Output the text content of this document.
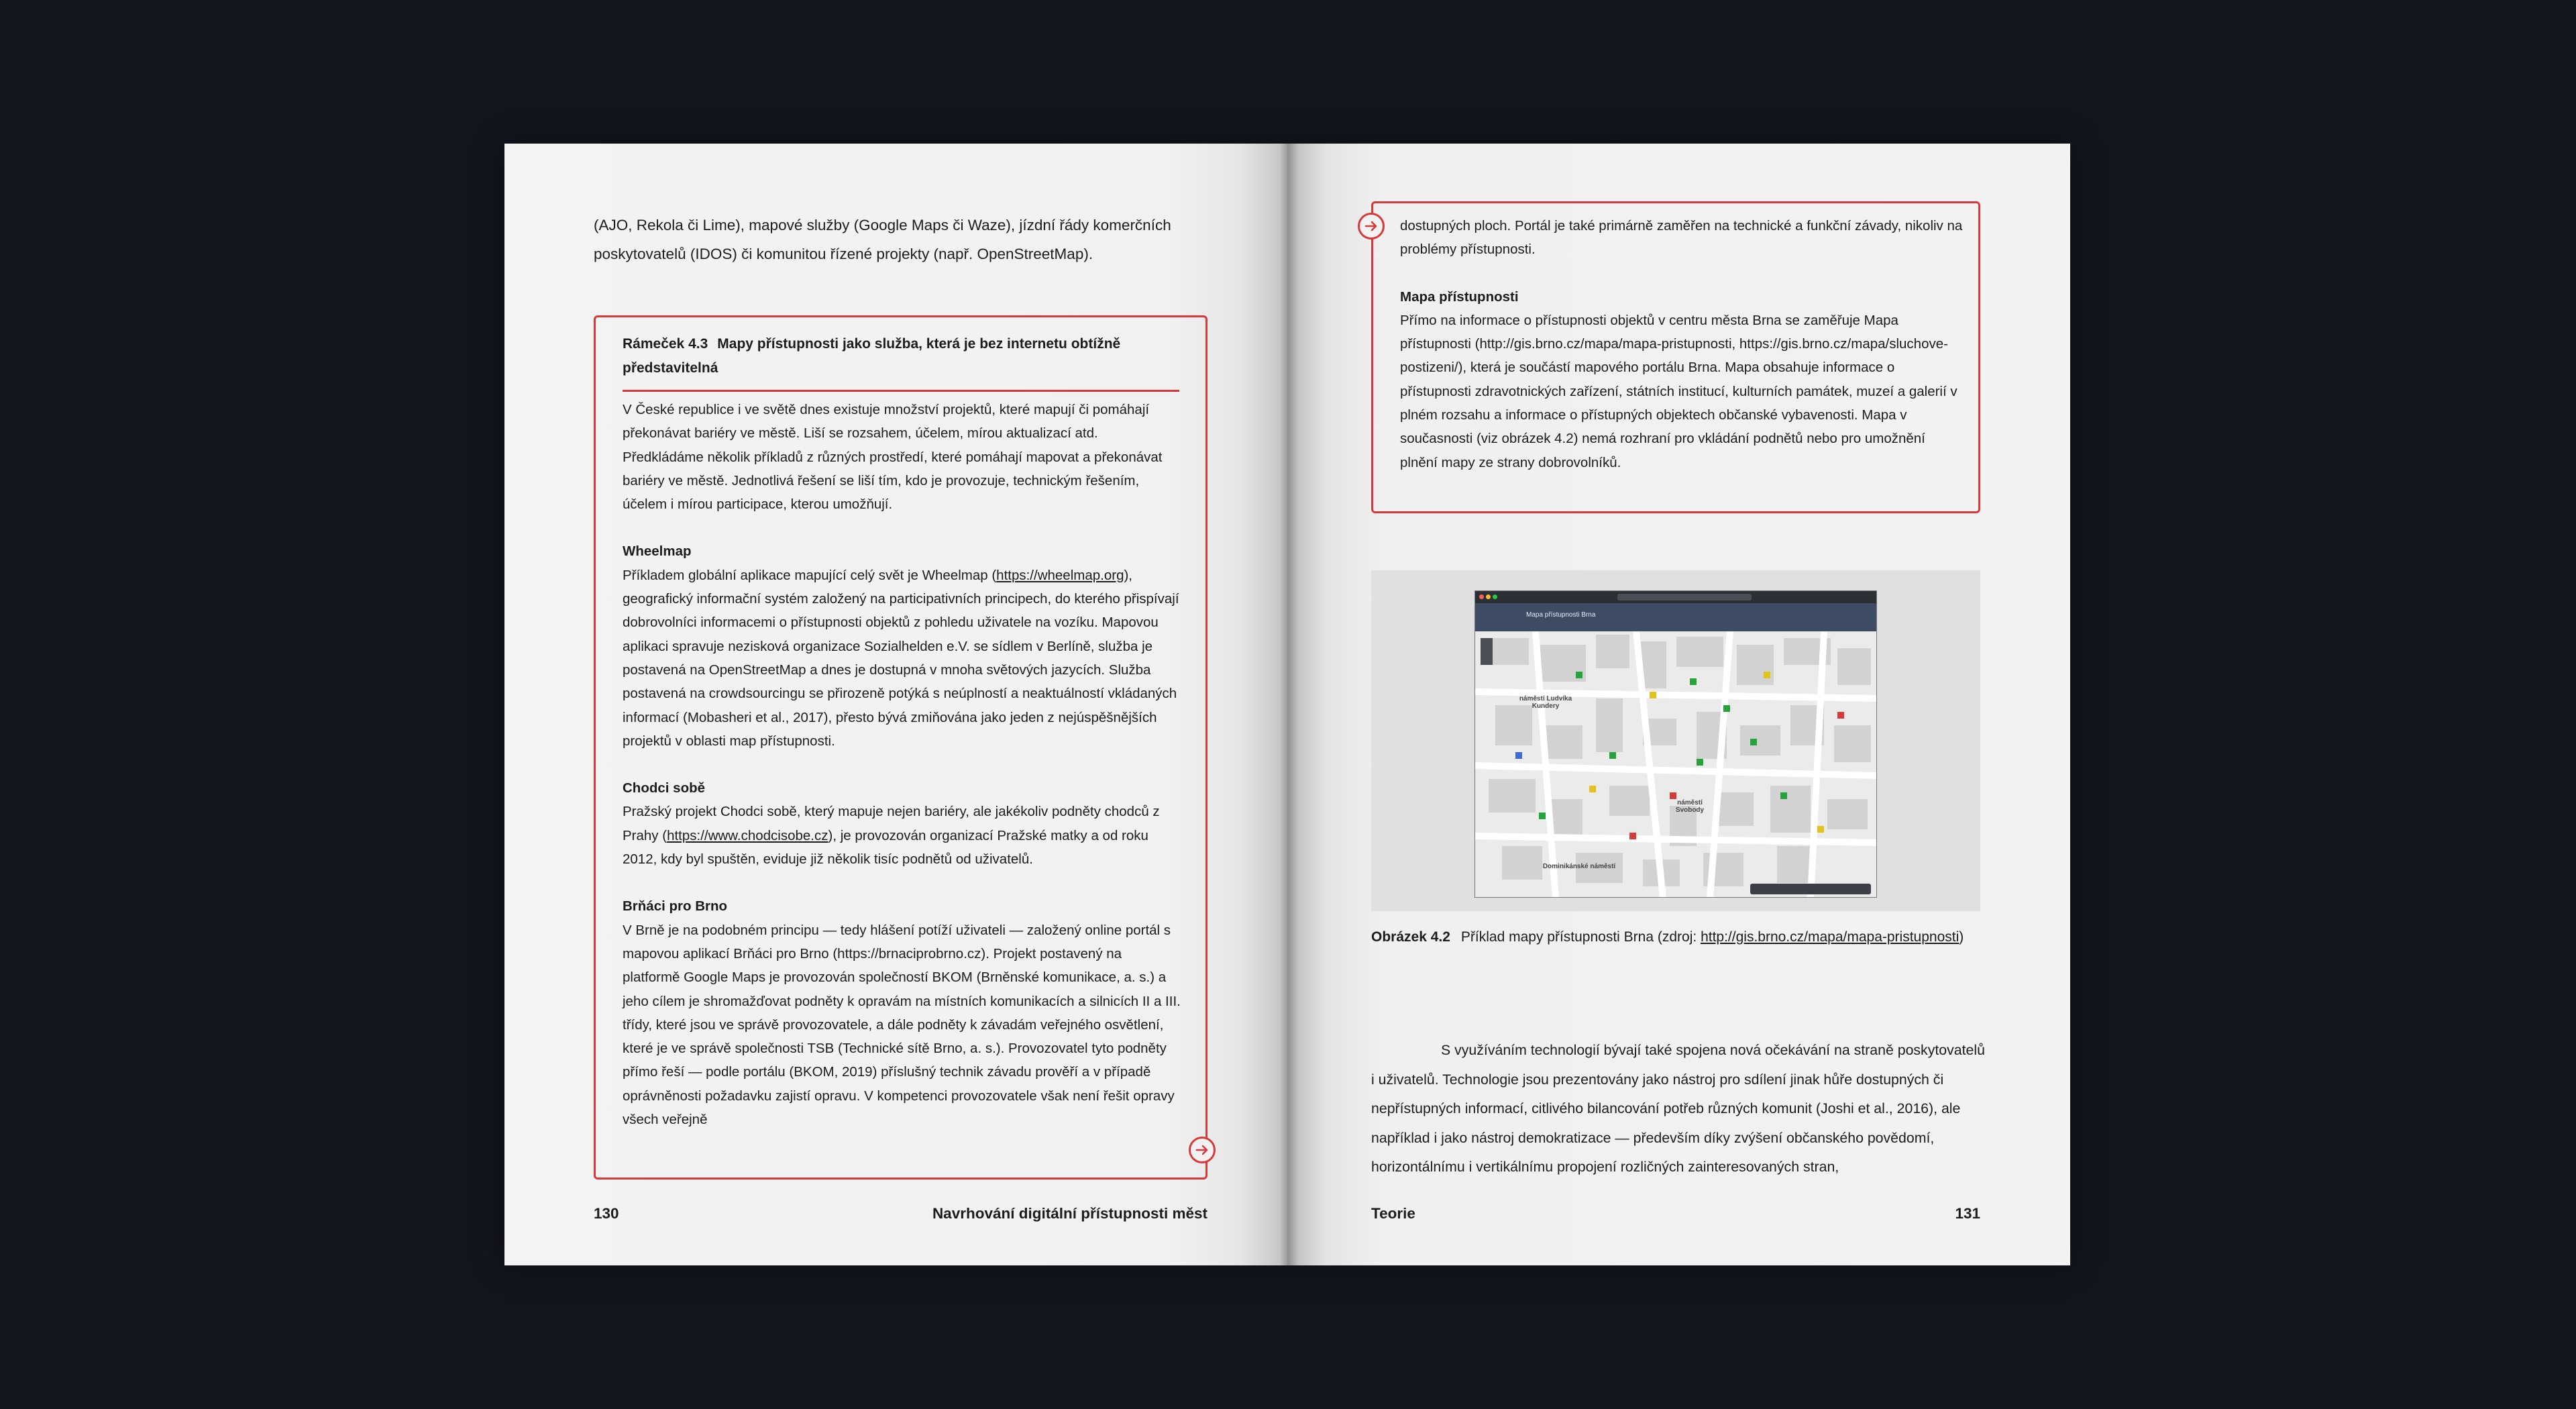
(AJO, Rekola či Lime), mapové služby (Google Maps či Waze), jízdní řády komerčních poskytovatelů (IDOS) či komunitou řízené projekty (např. OpenStreetMap).

Rámeček 4.3 Mapy přístupnosti jako služba, která je bez internetu obtížně představitelná

V České republice i ve světě dnes existuje množství projektů, které mapují či pomáhají překonávat bariéry ve městě. Liší se rozsahem, účelem, mírou aktualizací atd. Předkládáme několik příkladů z různých prostředí, které pomáhají mapovat a překonávat bariéry ve městě. Jednotlivá řešení se liší tím, kdo je provozuje, technickým řešením, účelem i mírou participace, kterou umožňují.

Wheelmap
Příkladem globální aplikace mapující celý svět je Wheelmap (https://wheelmap.org), geografický informační systém založený na participativních principech, do kterého přispívají dobrovolníci informacemi o přístupnosti objektů z pohledu uživatele na vozíku. Mapovou aplikaci spravuje nezisková organizace Sozialhelden e.V. se sídlem v Berlíně, služba je postavená na OpenStreetMap a dnes je dostupná v mnoha světových jazycích. Služba postavená na crowdsourcingu se přirozeně potýká s neúplností a neaktuálností vkládaných informací (Mobasheri et al., 2017), přesto bývá zmiňována jako jeden z nejúspěšnějších projektů v oblasti map přístupnosti.

Chodci sobě
Pražský projekt Chodci sobě, který mapuje nejen bariéry, ale jakékoliv podněty chodců z Prahy (https://www.chodcisobe.cz), je provozován organizací Pražské matky a od roku 2012, kdy byl spuštěn, eviduje již několik tisíc podnětů od uživatelů.

Brňáci pro Brno
V Brně je na podobném principu — tedy hlášení potíží uživateli — založený online portál s mapovou aplikací Brňáci pro Brno (https://brnaciprobrno.cz). Projekt postavený na platformě Google Maps je provozován společností BKOM (Brněnské komunikace, a. s.) a jeho cílem je shromažďovat podněty k opravám na místních komunikacích a silnicích II a III. třídy, které jsou ve správě provozovatele, a dále podněty k závadám veřejného osvětlení, které je ve správě společnosti TSB (Technické sítě Brno, a. s.). Provozovatel tyto podněty přímo řeší — podle portálu (BKOM, 2019) příslušný technik závadu prověří a v případě oprávněnosti požadavku zajistí opravu. V kompetenci provozovatele však není řešit opravy všech veřejně

130	Navrhování digitální přístupnosti měst

dostupných ploch. Portál je také primárně zaměřen na technické a funkční závady, nikoliv na problémy přístupnosti.

Mapa přístupnosti
Přímo na informace o přístupnosti objektů v centru města Brna se zaměřuje Mapa přístupnosti (http://gis.brno.cz/mapa/mapa-pristupnosti, https://gis.brno.cz/mapa/sluchove-postizeni/), která je součástí mapového portálu Brna. Mapa obsahuje informace o přístupnosti zdravotnických zařízení, státních institucí, kulturních památek, muzeí a galerií v plném rozsahu a informace o přístupných objektech občanské vybavenosti. Mapa v současnosti (viz obrázek 4.2) nemá rozhraní pro vkládání podnětů nebo pro umožnění plnění mapy ze strany dobrovolníků.

Mapa přístupnosti Brna
náměstí Ludvíka Kundery
náměstí Svobody
Dominikánské náměstí

Obrázek 4.2 Příklad mapy přístupnosti Brna (zdroj: http://gis.brno.cz/mapa/mapa-pristupnosti)

S využíváním technologií bývají také spojena nová očekávání na straně poskytovatelů i uživatelů. Technologie jsou prezentovány jako nástroj pro sdílení jinak hůře dostupných či nepřístupných informací, citlivého bilancování potřeb různých komunit (Joshi et al., 2016), ale například i jako nástroj demokratizace — především díky zvýšení občanského povědomí, horizontálnímu i vertikálnímu propojení rozličných zainteresovaných stran,

Teorie	131
